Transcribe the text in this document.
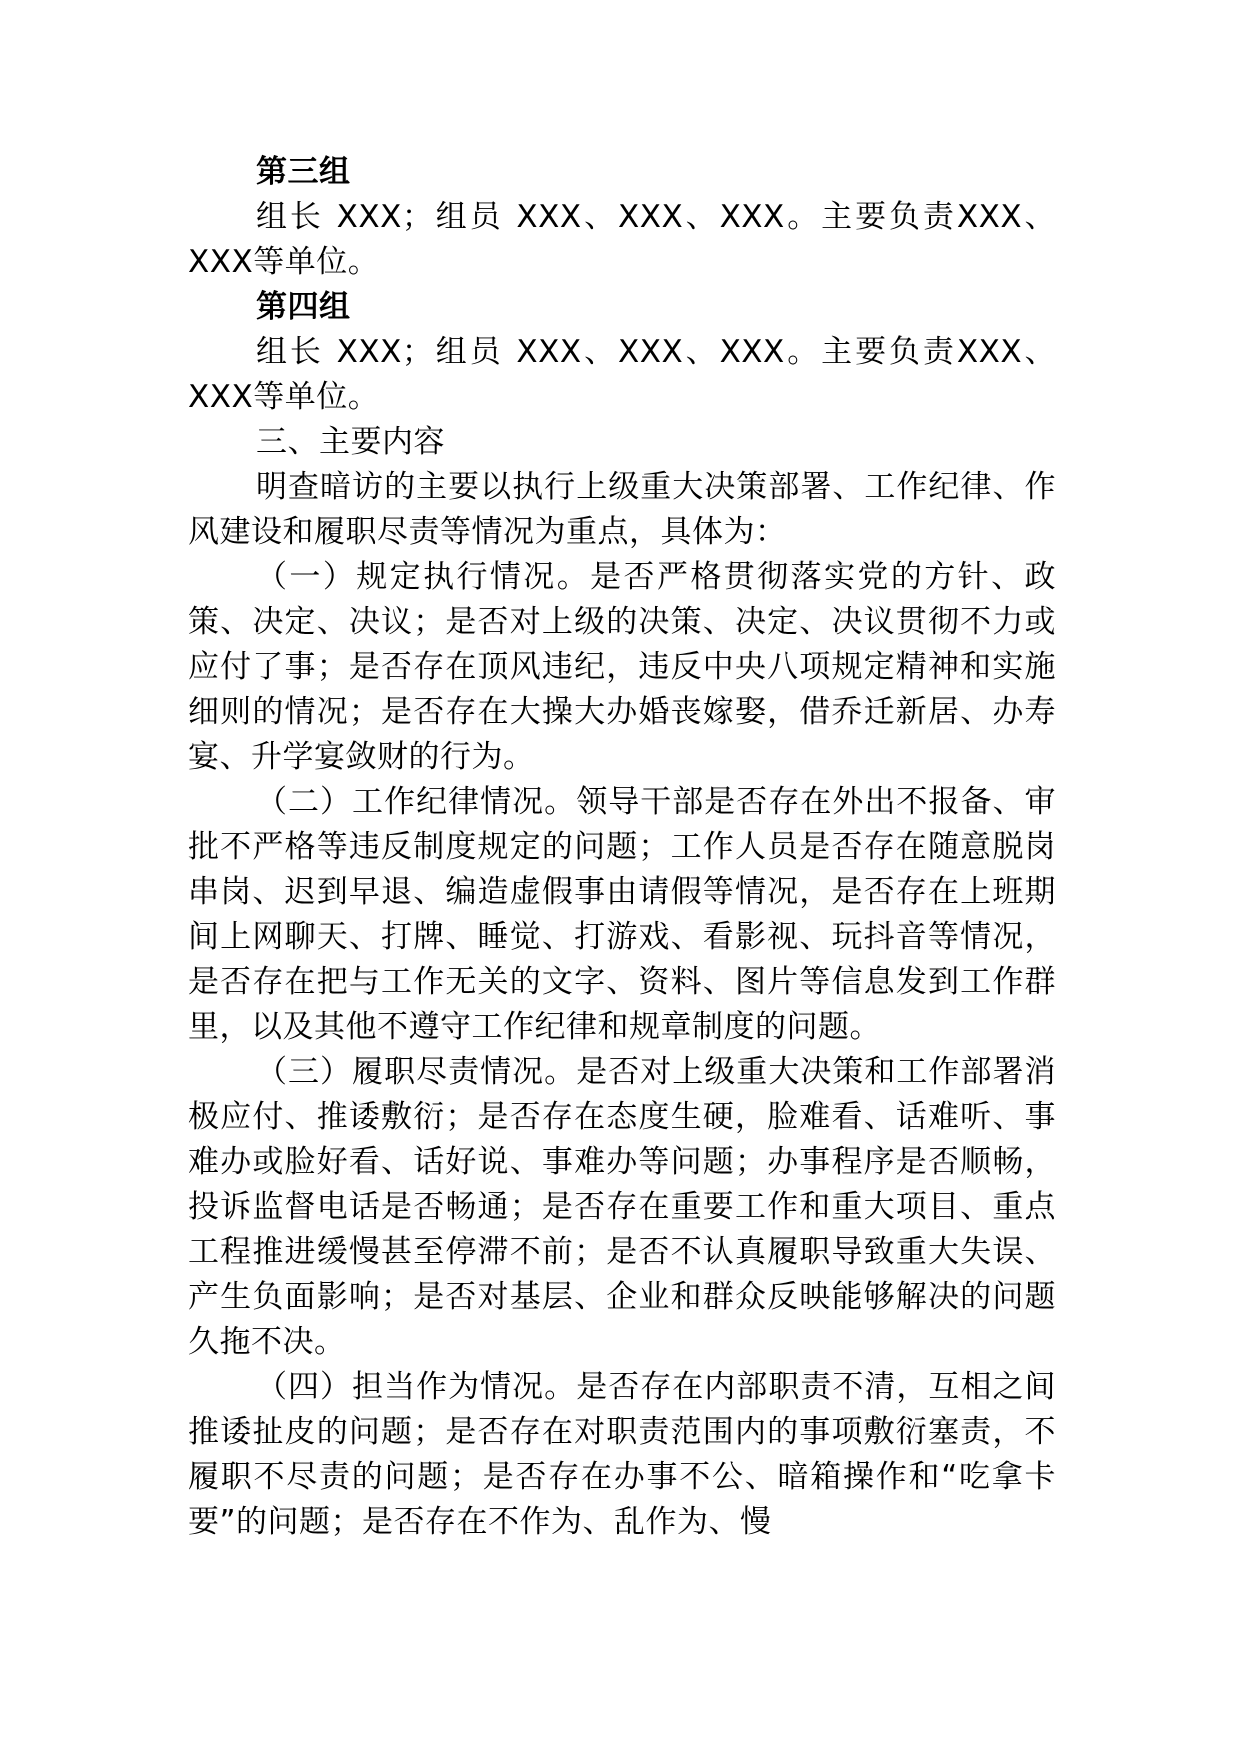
第三组

组长 XXX；组员 XXX、XXX、XXX。主要负责XXX、XXX等单位。

第四组

组长 XXX；组员 XXX、XXX、XXX。主要负责XXX、XXX等单位。

三、主要内容

明查暗访的主要以执行上级重大决策部署、工作纪律、作风建设和履职尽责等情况为重点，具体为：

（一）规定执行情况。是否严格贯彻落实党的方针、政策、决定、决议；是否对上级的决策、决定、决议贯彻不力或应付了事；是否存在顶风违纪，违反中央八项规定精神和实施细则的情况；是否存在大操大办婚丧嫁娶，借乔迁新居、办寿宴、升学宴敛财的行为。

（二）工作纪律情况。领导干部是否存在外出不报备、审批不严格等违反制度规定的问题；工作人员是否存在随意脱岗串岗、迟到早退、编造虚假事由请假等情况，是否存在上班期间上网聊天、打牌、睡觉、打游戏、看影视、玩抖音等情况，是否存在把与工作无关的文字、资料、图片等信息发到工作群里，以及其他不遵守工作纪律和规章制度的问题。

（三）履职尽责情况。是否对上级重大决策和工作部署消极应付、推诿敷衍；是否存在态度生硬，脸难看、话难听、事难办或脸好看、话好说、事难办等问题；办事程序是否顺畅，投诉监督电话是否畅通；是否存在重要工作和重大项目、重点工程推进缓慢甚至停滞不前；是否不认真履职导致重大失误、产生负面影响；是否对基层、企业和群众反映能够解决的问题久拖不决。

（四）担当作为情况。是否存在内部职责不清，互相之间推诿扯皮的问题；是否存在对职责范围内的事项敷衍塞责，不履职不尽责的问题；是否存在办事不公、暗箱操作和“吃拿卡要”的问题；是否存在不作为、乱作为、慢
